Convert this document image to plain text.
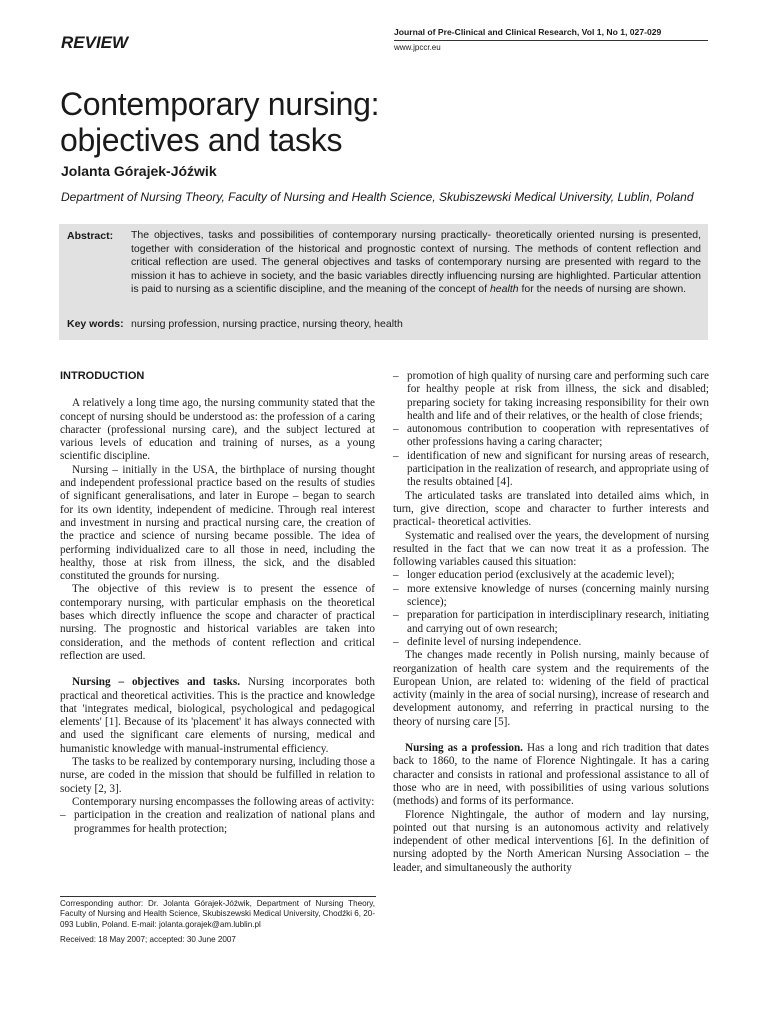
REVIEW
Journal of Pre-Clinical and Clinical Research, Vol 1, No 1, 027-029
www.jpccr.eu
Contemporary nursing:
objectives and tasks
Jolanta Górajek-Jóźwik
Department of Nursing Theory, Faculty of Nursing and Health Science, Skubiszewski Medical University, Lublin, Poland
Abstract: The objectives, tasks and possibilities of contemporary nursing practically- theoretically oriented nursing is presented, together with consideration of the historical and prognostic context of nursing. The methods of content reflection and critical reflection are used. The general objectives and tasks of contemporary nursing are presented with regard to the mission it has to achieve in society, and the basic variables directly influencing nursing are highlighted. Particular attention is paid to nursing as a scientific discipline, and the meaning of the concept of health for the needs of nursing are shown.
Key words: nursing profession, nursing practice, nursing theory, health
INTRODUCTION

A relatively a long time ago, the nursing community stated that the concept of nursing should be understood as: the profession of a caring character (professional nursing care), and the subject lectured at various levels of education and training of nurses, as a young scientific discipline.

Nursing – initially in the USA, the birthplace of nursing thought and independent professional practice based on the results of studies of significant generalisations, and later in Europe – began to search for its own identity, independent of medicine. Through real interest and investment in nursing and practical nursing care, the creation of the practice and science of nursing became possible. The idea of performing individualized care to all those in need, including the healthy, those at risk from illness, the sick, and the disabled constituted the grounds for nursing.

The objective of this review is to present the essence of contemporary nursing, with particular emphasis on the theoretical bases which directly influence the scope and character of practical nursing. The prognostic and historical variables are taken into consideration, and the methods of content reflection and critical reflection are used.

Nursing – objectives and tasks. Nursing incorporates both practical and theoretical activities. This is the practice and knowledge that 'integrates medical, biological, psychological and pedagogical elements' [1]. Because of its 'placement' it has always connected with and used the significant care elements of nursing, medical and humanistic knowledge with manual-instrumental efficiency.

The tasks to be realized by contemporary nursing, including those a nurse, are coded in the mission that should be fulfilled in relation to society [2, 3].

Contemporary nursing encompasses the following areas of activity:

– participation in the creation and realization of national plans and programmes for health protection;
– promotion of high quality of nursing care and performing such care for healthy people at risk from illness, the sick and disabled; preparing society for taking increasing responsibility for their own health and life and of their relatives, or the health of close friends;
– autonomous contribution to cooperation with representatives of other professions having a caring character;
– identification of new and significant for nursing areas of research, participation in the realization of research, and appropriate using of the results obtained [4].

The articulated tasks are translated into detailed aims which, in turn, give direction, scope and character to further interests and practical- theoretical activities.

Systematic and realised over the years, the development of nursing resulted in the fact that we can now treat it as a profession. The following variables caused this situation:

– longer education period (exclusively at the academic level);
– more extensive knowledge of nurses (concerning mainly nursing science);
– preparation for participation in interdisciplinary research, initiating and carrying out of own research;
– definite level of nursing independence.

The changes made recently in Polish nursing, mainly because of reorganization of health care system and the requirements of the European Union, are related to: widening of the field of practical activity (mainly in the area of social nursing), increase of research and development autonomy, and referring in practical nursing to the theory of nursing care [5].

Nursing as a profession. Has a long and rich tradition that dates back to 1860, to the name of Florence Nightingale. It has a caring character and consists in rational and professional assistance to all of those who are in need, with possibilities of using various solutions (methods) and forms of its performance.

Florence Nightingale, the author of modern and lay nursing, pointed out that nursing is an autonomous activity and relatively independent of other medical interventions [6]. In the definition of nursing adopted by the North American Nursing Association – the leader, and simultaneously the authority

Corresponding author: Dr. Jolanta Górajek-Jóźwik, Department of Nursing Theory, Faculty of Nursing and Health Science, Skubiszewski Medical University, Chodźki 6, 20-093 Lublin, Poland. E-mail: jolanta.gorajek@am.lublin.pl
Received: 18 May 2007; accepted: 30 June 2007
